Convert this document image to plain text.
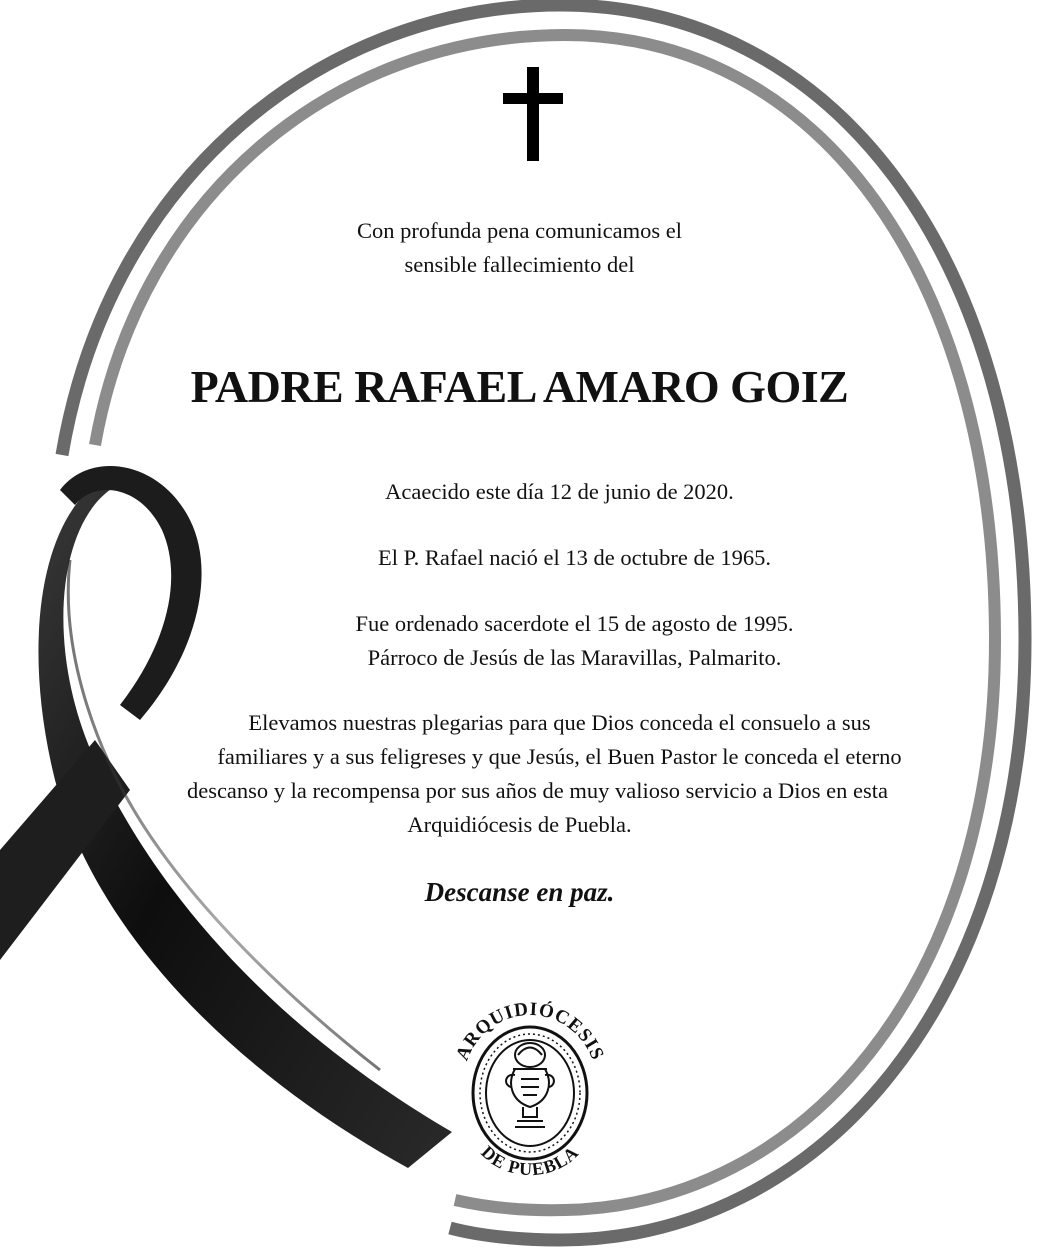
Con profunda pena comunicamos el
sensible fallecimiento del
PADRE RAFAEL AMARO GOIZ
Acaecido este día 12 de junio de 2020.
El P. Rafael nació el 13 de octubre de 1965.
Fue ordenado sacerdote el 15 de agosto de 1995.
Párroco de Jesús de las Maravillas, Palmarito.
Elevamos nuestras plegarias para que Dios conceda el consuelo a sus
familiares y a sus feligreses y que Jesús, el Buen Pastor le conceda el eterno
descanso y la recompensa por sus años de muy valioso servicio a Dios en esta
Arquidiócesis de Puebla.
Descanse en paz.
ARQUIDIÓCESIS
DE PUEBLA
